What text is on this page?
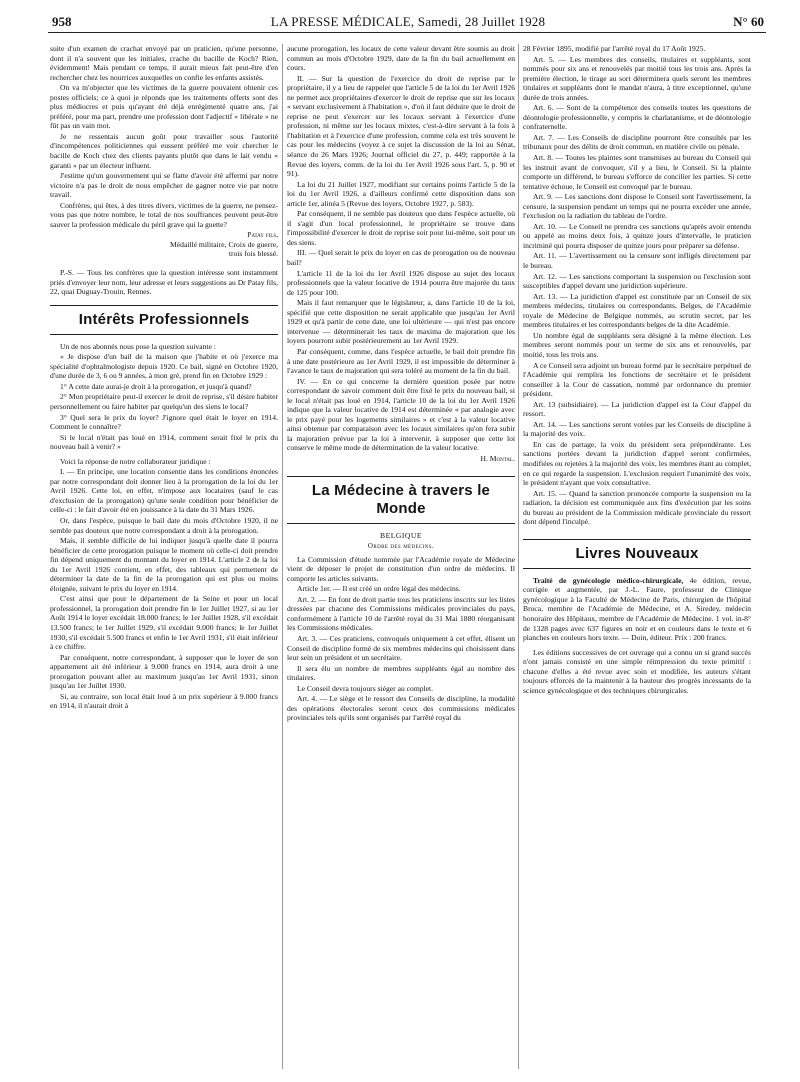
958	LA PRESSE MÉDICALE, Samedi, 28 Juillet 1928	N° 60

suite d'un examen de crachat envoyé par un praticien, qu'une personne, dont il n'a souvent que les initiales, crache du bacille de Koch? Rien, évidemment! Mais pendant ce temps, il aurait mieux fait peut-être d'en rechercher chez les nourrices auxquelles on confie les enfants assistés.

On va m'objecter que les victimes de la guerre pouvaient obtenir ces postes officiels; ce à quoi je réponds que les traitements offerts sont des plus médiocres et puis qu'ayant été déjà enrégimenté quatre ans, j'ai préféré, pour ma part, prendre une profession dont l'adjectif « libérale » ne fût pas un vain mot.

Je ne ressentais aucun goût pour travailler sous l'autorité d'incompétences politiciennes qui eussent préféré me voir chercher le bacille de Koch chez des clients payants plutôt que dans le lait vendu « garanti » par un électeur influent.

J'estime qu'un gouvernement qui se flatte d'avoir été affermi par notre victoire n'a pas le droit de nous empêcher de gagner notre vie par notre travail.

Confrères, qui êtes, à des titres divers, victimes de la guerre, ne pensez-vous pas que notre nombre, le total de nos souffrances peuvent peut-être sauver la profession médicale du péril grave qui la guette?

Patay fils,
Médaillé militaire, Croix de guerre,
trois fois blessé.

P.-S. — Tous les confrères que la question intéresse sont instamment priés d'envoyer leur nom, leur adresse et leurs suggestions au Dr Patay fils, 22, quai Duguay-Trouin, Rennes.

Intérêts Professionnels

Un de nos abonnés nous pose la question suivante :

« Je dispose d'un bail de la maison que j'habite et où j'exerce ma spécialité d'ophtalmologiste depuis 1920. Ce bail, signé en Octobre 1920, d'une durée de 3, 6 ou 9 années, à mon gré, prend fin en Octobre 1929 :

1° A cette date aurai-je droit à la prorogation, et jusqu'à quand?

2° Mon propriétaire peut-il exercer le droit de reprise, s'il désire habiter personnellement ou faire habiter par quelqu'un des siens le local?

3° Quel sera le prix du loyer? J'ignore quel était le loyer en 1914. Comment le connaître?

Si le local n'était pas loué en 1914, comment serait fixé le prix du nouveau bail à venir? »

Voici la réponse de notre collaborateur juridique :

I. — En principe, une location consentie dans les conditions énoncées par notre correspondant doit donner lieu à la prorogation de la loi du 1er Avril 1926. Cette loi, en effet, n'impose aux locataires (sauf le cas d'exclusion de la prorogation) qu'une seule condition pour bénéficier de celle-ci : le fait d'avoir été en jouissance à la date du 31 Mars 1926.

Or, dans l'espèce, puisque le bail date du mois d'Octobre 1920, il ne semble pas douteux que notre correspondant a droit à la prorogation.

Mais, il semble difficile de lui indiquer jusqu'à quelle date il pourra bénéficier de cette prorogation puisque le moment où celle-ci doit prendre fin dépend uniquement du montant du loyer en 1914. L'article 2 de la loi du 1er Avril 1926 contient, en effet, des tableaux qui permettent de déterminer la date de la fin de la prorogation qui est plus ou moins éloignée, suivant le prix du loyer en 1914.

C'est ainsi que pour le département de la Seine et pour un local professionnel, la prorogation doit prendre fin le 1er Juillet 1927, si au 1er Août 1914 le loyer excédait 18.000 francs; le 1er Juillet 1928, s'il excédait 13.500 francs; le 1er Juillet 1929, s'il excédait 9.000 francs; le 1er Juillet 1930, s'il excédait 5.500 francs et enfin le 1er Avril 1931, s'il était inférieur à ce chiffre.

Par conséquent, notre correspondant, à supposer que le loyer de son appartement ait été inférieur à 9.000 francs en 1914, aura droit à une prorogation pouvant aller au maximum jusqu'au 1er Avril 1931, sinon jusqu'au 1er Juillet 1930.

Si, au contraire, son local était loué à un prix supérieur à 9.000 francs en 1914, il n'aurait droit à

aucune prorogation, les locaux de cette valeur devant être soumis au droit commun au mois d'Octobre 1929, date de la fin du bail actuellement en cours.

II. — Sur la question de l'exercice du droit de reprise par le propriétaire, il y a lieu de rappeler que l'article 5 de la loi du 1er Avril 1926 ne permet aux propriétaires d'exercer le droit de reprise que sur les locaux « servant exclusivement à l'habitation », d'où il faut déduire que le droit de reprise ne peut s'exercer sur les locaux servant à l'exercice d'une profession, ni même sur les locaux mixtes, c'est-à-dire servant à la fois à l'habitation et à l'exercice d'une profession, comme cela est très souvent le cas pour les médecins (voyez à ce sujet la discussion de la loi au Sénat, séance du 26 Mars 1926; Journal officiel du 27, p. 449; rapportée à la Revue des loyers, comm. de la loi du 1er Avril 1926 sous l'art. 5, p. 90 et 91).

La loi du 21 Juillet 1927, modifiant sur certains points l'article 5 de la loi du 1er Avril 1926, a d'ailleurs confirmé cette disposition dans son article 1er, alinéa 5 (Revue des loyers, Octobre 1927, p. 583).

Par conséquent, il ne semble pas douteux que dans l'espèce actuelle, où il s'agit d'un local professionnel, le propriétaire se trouve dans l'impossibilité d'exercer le droit de reprise soit pour lui-même, soit pour un des siens.

III. — Quel serait le prix du loyer en cas de prorogation ou de nouveau bail?

L'article 11 de la loi du 1er Avril 1926 dispose au sujet des locaux professionnels que la valeur locative de 1914 pourra être majorée du taux de 125 pour 100.

Mais il faut remarquer que le législateur, a, dans l'article 10 de la loi, spécifié que cette disposition ne serait applicable que jusqu'au 1er Avril 1929 et qu'à partir de cette date, une loi ultérieure — qui n'est pas encore intervenue — déterminerait les taux de maxima de majoration que les loyers pourront subir postérieurement au 1er Avril 1929.

Par conséquent, comme, dans l'espèce actuelle, le bail doit prendre fin à une date postérieure au 1er Avril 1929, il est impossible de déterminer à l'avance le taux de majoration qui sera toléré au moment de la fin du bail.

IV. — En ce qui concerne la dernière question posée par notre correspondant de savoir comment doit être fixé le prix du nouveau bail, si le local n'était pas loué en 1914, l'article 10 de la loi du 1er Avril 1926 indique que la valeur locative de 1914 est déterminée « par analogie avec le prix payé pour les logements similaires » et c'est à la valeur locative ainsi obtenue par comparaison avec les locaux similaires qu'on fera subir la majoration prévue par la loi à intervenir, à supposer que cette loi conserve le même mode de détermination de la valeur locative.

H. Montal.
La Médecine à travers le Monde
BELGIQUE
Ordre des médecins.

La Commission d'étude nommée par l'Académie royale de Médecine vient de déposer le projet de constitution d'un ordre de médecins. Il comporte les articles suivants.

Article 1er. — Il est créé un ordre légal des médecins.

Art. 2. — En font de droit partie tous les praticiens inscrits sur les listes dressées par chacune des Commissions médicales provinciales du pays, conformément à l'article 10 de l'arrêté royal du 31 Mai 1880 réorganisant les Commissions médicales.

Art. 3. — Ces praticiens, convoqués uniquement à cet effet, élisent un Conseil de discipline formé de six membres médecins qui choisissent dans leur sein un président et un secrétaire.

Il sera élu un nombre de membres suppléants égal au nombre des titulaires.

Le Conseil devra toujours siéger au complet.

Art. 4. — Le siège et le ressort des Conseils de discipline, la modalité des opérations électorales seront ceux des commissions médicales provinciales tels qu'ils sont organisés par l'arrêté royal du

28 Février 1895, modifié par l'arrêté royal du 17 Août 1925.

Art. 5. — Les membres des conseils, titulaires et suppléants, sont nommés pour six ans et renouvelés par moitié tous les trois ans. Après la première élection, le tirage au sort déterminera quels seront les membres titulaires et suppléants dont le mandat n'aura, à titre exceptionnel, qu'une durée de trois années.

Art. 6. — Sont de la compétence des conseils toutes les questions de déontologie professionnelle, y compris le charlatanisme, et de déontologie confraternelle.

Art. 7. — Les Conseils de discipline pourront être consultés par les tribunaux pour des délits de droit commun, en matière civile ou pénale.

Art. 8. — Toutes les plaintes sont transmises au bureau du Conseil qui les instruit avant de convoquer, s'il y a lieu, le Conseil. Si la plainte comporte un différend, le bureau s'efforce de concilier les parties. Si cette tentative échoue, le Conseil est convoqué par le bureau.

Art. 9. — Les sanctions dont dispose le Conseil sont l'avertissement, la censure, la suspension pendant un temps qui ne pourra excéder une année, l'exclusion ou la radiation du tableau de l'ordre.

Art. 10. — Le Conseil ne prendra ces sanctions qu'après avoir entendu ou appelé au moins deux fois, à quinze jours d'intervalle, le praticien incriminé qui pourra disposer de quinze jours pour préparer sa défense.

Art. 11. — L'avertissement ou la censure sont infligés directement par le bureau.

Art. 12. — Les sanctions comportant la suspension ou l'exclusion sont susceptibles d'appel devant une juridiction supérieure.

Art. 13. — La juridiction d'appel est constituée par un Conseil de six membres médecins, titulaires ou correspondants, Belges, de l'Académie royale de Médecine de Belgique nommés, au scrutin secret, par les membres titulaires et les correspondants belges de la dite Académie.

Un nombre égal de suppléants sera désigné à la même élection. Les membres seront nommés pour un terme de six ans et renouvelés, par moitié, tous les trois ans.

A ce Conseil sera adjoint un bureau formé par le secrétaire perpétuel de l'Académie qui remplira les fonctions de secrétaire et le président conseiller à la Cour de cassation, nommé par ordonnance du premier président.

Art. 13 (subsidiaire). — La juridiction d'appel est la Cour d'appel du ressort.

Art. 14. — Les sanctions seront votées par les Conseils de discipline à la majorité des voix.

En cas de partage, la voix du président sera prépondérante. Les sanctions portées devant la juridiction d'appel seront confirmées, modifiées ou rejetées à la majorité des voix, les membres étant au complet, en ce qui regarde la suspension. L'exclusion requiert l'unanimité des voix, le président n'ayant que voix consultative.

Art. 15. — Quand la sanction prononcée comporte la suspension ou la radiation, la décision est communiquée aux fins d'exécution par les soins du bureau au président de la Commission médicale provinciale du ressort dont dépend l'inculpé.

Livres Nouveaux

Traité de gynécologie médico-chirurgicale, 4e édition, revue, corrigée et augmentée, par J.-L. Faure, professeur de Clinique gynécologique à la Faculté de Médecine de Paris, chirurgien de l'hôpital Broca, membre de l'Académie de Médecine, et A. Siredey, médecin honoraire des Hôpitaux, membre de l'Académie de Médecine. 1 vol. in-8° de 1328 pages avec 637 figures en noir et en couleurs dans le texte et 6 planches en couleurs hors texte. — Doin, éditeur. Prix : 200 francs.

Les éditions successives de cet ouvrage qui a connu un si grand succès n'ont jamais consisté en une simple réimpression du texte primitif : chacune d'elles a été revue avec soin et modifiée, les auteurs s'étant toujours efforcés de la maintenir à la hauteur des progrès incessants de la science gynécologique et des techniques chirurgicales.
